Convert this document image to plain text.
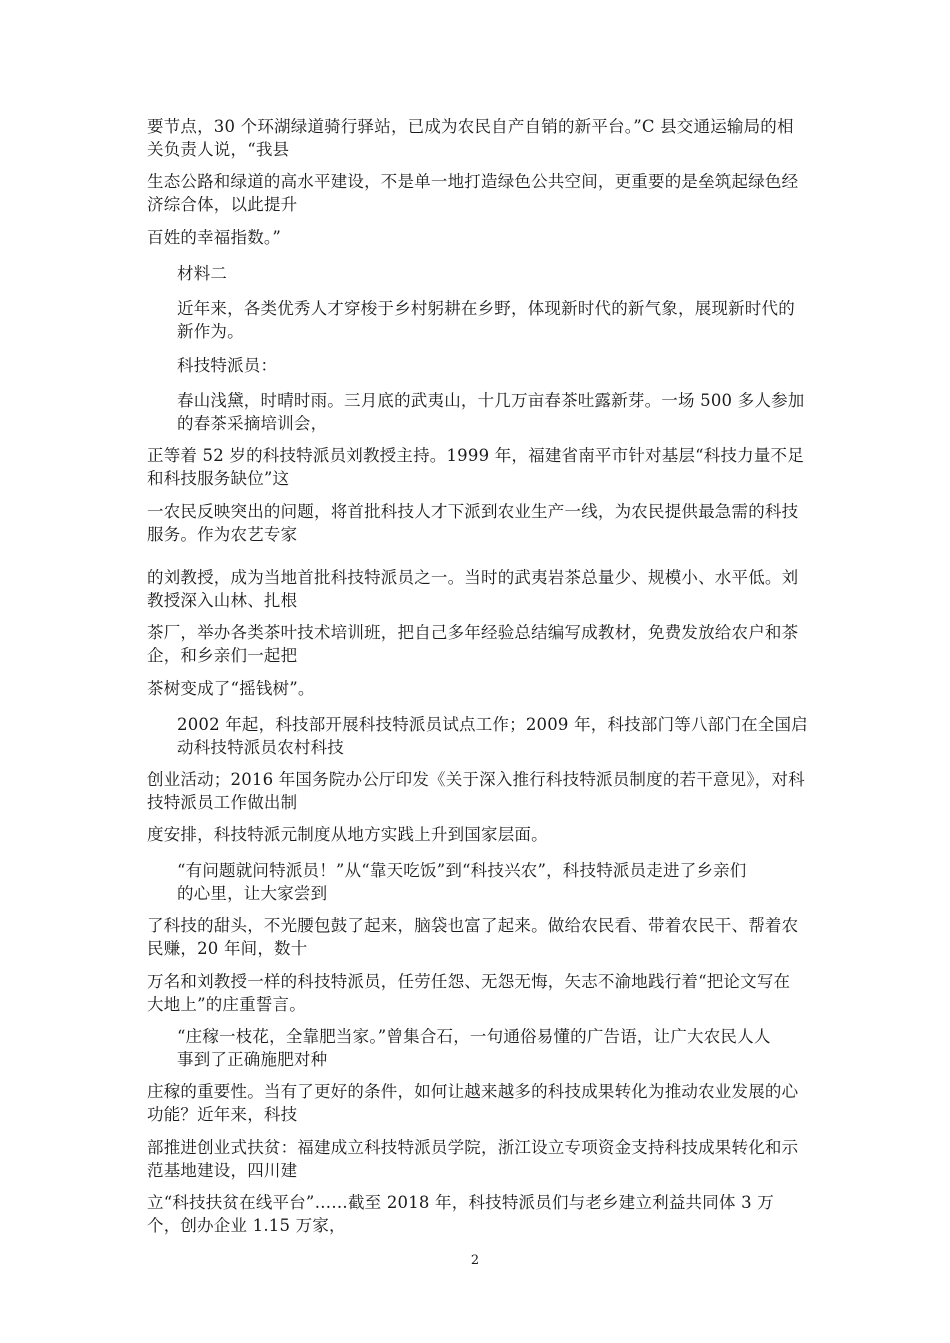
要节点，30 个环湖绿道骑行驿站，已成为农民自产自销的新平台。”C 县交通运输局的相
关负责人说，“我县
生态公路和绿道的高水平建设，不是单一地打造绿色公共空间，更重要的是垒筑起绿色经
济综合体，以此提升
百姓的幸福指数。”
材料二
近年来，各类优秀人才穿梭于乡村躬耕在乡野，体现新时代的新气象，展现新时代的
新作为。
科技特派员：
春山浅黛，时晴时雨。三月底的武夷山，十几万亩春茶吐露新芽。一场 500 多人参加
的春茶采摘培训会，
正等着 52 岁的科技特派员刘教授主持。1999 年，福建省南平市针对基层“科技力量不足
和科技服务缺位”这
一农民反映突出的问题，将首批科技人才下派到农业生产一线，为农民提供最急需的科技
服务。作为农艺专家
的刘教授，成为当地首批科技特派员之一。当时的武夷岩茶总量少、规模小、水平低。刘
教授深入山林、扎根
茶厂，举办各类茶叶技术培训班，把自己多年经验总结编写成教材，免费发放给农户和茶
企，和乡亲们一起把
茶树变成了“摇钱树”。
2002 年起，科技部开展科技特派员试点工作；2009 年，科技部门等八部门在全国启
动科技特派员农村科技
创业活动；2016 年国务院办公厅印发《关于深入推行科技特派员制度的若干意见》，对科
技特派员工作做出制
度安排，科技特派元制度从地方实践上升到国家层面。
“有问题就问特派员！”从“靠天吃饭”到“科技兴农”，科技特派员走进了乡亲们
的心里，让大家尝到
了科技的甜头，不光腰包鼓了起来，脑袋也富了起来。做给农民看、带着农民干、帮着农
民赚，20 年间，数十
万名和刘教授一样的科技特派员，任劳任怨、无怨无悔，矢志不渝地践行着“把论文写在
大地上”的庄重誓言。
“庄稼一枝花，全靠肥当家。”曾集合石，一句通俗易懂的广告语，让广大农民人人
事到了正确施肥对种
庄稼的重要性。当有了更好的条件，如何让越来越多的科技成果转化为推动农业发展的心
功能？近年来，科技
部推进创业式扶贫：福建成立科技特派员学院，浙江设立专项资金支持科技成果转化和示
范基地建设，四川建
立“科技扶贫在线平台”……截至 2018 年，科技特派员们与老乡建立利益共同体 3 万
个，创办企业 1.15 万家，
2
